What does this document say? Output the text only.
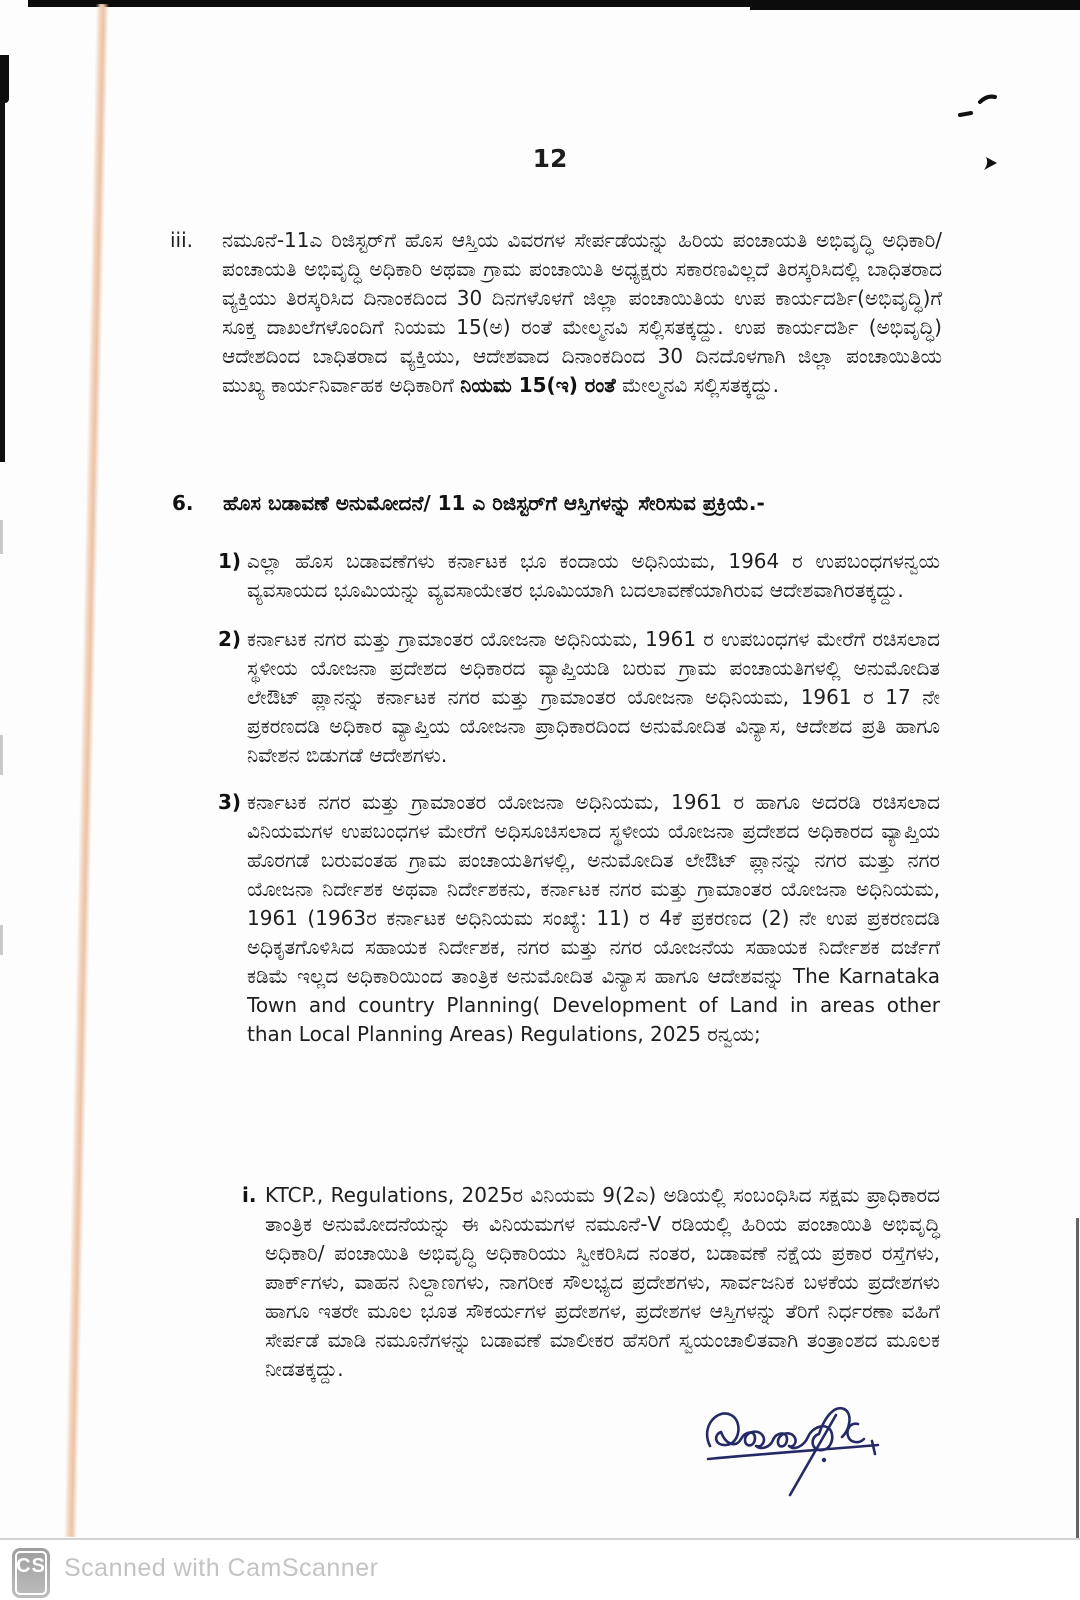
12
iii. ನಮೂನೆ-11ಎ ರಿಜಿಸ್ಟರ್‌ಗೆ ಹೊಸ ಆಸ್ತಿಯ ವಿವರಗಳ ಸೇರ್ಪಡೆಯನ್ನು ಹಿರಿಯ ಪಂಚಾಯತಿ ಅಭಿವೃದ್ಧಿ ಅಧಿಕಾರಿ/ ಪಂಚಾಯತಿ ಅಭಿವೃದ್ಧಿ ಅಧಿಕಾರಿ ಅಥವಾ ಗ್ರಾಮ ಪಂಚಾಯಿತಿ ಅಧ್ಯಕ್ಷರು ಸಕಾರಣವಿಲ್ಲದೆ ತಿರಸ್ಕರಿಸಿದಲ್ಲಿ ಬಾಧಿತರಾದ ವ್ಯಕ್ತಿಯು ತಿರಸ್ಕರಿಸಿದ ದಿನಾಂಕದಿಂದ 30 ದಿನಗಳೊಳಗೆ ಜಿಲ್ಲಾ ಪಂಚಾಯಿತಿಯ ಉಪ ಕಾರ್ಯದರ್ಶಿ(ಅಭಿವೃದ್ಧಿ)ಗೆ ಸೂಕ್ತ ದಾಖಲೆಗಳೊಂದಿಗೆ ನಿಯಮ 15(ಅ) ರಂತೆ ಮೇಲ್ಮನವಿ ಸಲ್ಲಿಸತಕ್ಕದ್ದು. ಉಪ ಕಾರ್ಯದರ್ಶಿ (ಅಭಿವೃದ್ಧಿ) ಆದೇಶದಿಂದ ಬಾಧಿತರಾದ ವ್ಯಕ್ತಿಯು, ಆದೇಶವಾದ ದಿನಾಂಕದಿಂದ 30 ದಿನದೊಳಗಾಗಿ ಜಿಲ್ಲಾ ಪಂಚಾಯಿತಿಯ ಮುಖ್ಯ ಕಾರ್ಯನಿರ್ವಾಹಕ ಅಧಿಕಾರಿಗೆ ನಿಯಮ 15(ಇ) ರಂತೆ ಮೇಲ್ಮನವಿ ಸಲ್ಲಿಸತಕ್ಕದ್ದು.
6. ಹೊಸ ಬಡಾವಣೆ ಅನುಮೋದನೆ/ 11 ಎ ರಿಜಿಸ್ಟರ್‌ಗೆ ಆಸ್ತಿಗಳನ್ನು ಸೇರಿಸುವ ಪ್ರಕ್ರಿಯೆ.-
1) ಎಲ್ಲಾ ಹೊಸ ಬಡಾವಣೆಗಳು ಕರ್ನಾಟಕ ಭೂ ಕಂದಾಯ ಅಧಿನಿಯಮ, 1964 ರ ಉಪಬಂಧಗಳನ್ವಯ ವ್ಯವಸಾಯದ ಭೂಮಿಯನ್ನು ವ್ಯವಸಾಯೇತರ ಭೂಮಿಯಾಗಿ ಬದಲಾವಣೆಯಾಗಿರುವ ಆದೇಶವಾಗಿರತಕ್ಕದ್ದು.
2) ಕರ್ನಾಟಕ ನಗರ ಮತ್ತು ಗ್ರಾಮಾಂತರ ಯೋಜನಾ ಅಧಿನಿಯಮ, 1961 ರ ಉಪಬಂಧಗಳ ಮೇರೆಗೆ ರಚಿಸಲಾದ ಸ್ಥಳೀಯ ಯೋಜನಾ ಪ್ರದೇಶದ ಅಧಿಕಾರದ ವ್ಯಾಪ್ತಿಯಡಿ ಬರುವ ಗ್ರಾಮ ಪಂಚಾಯತಿಗಳಲ್ಲಿ ಅನುಮೋದಿತ ಲೇಔಟ್ ಪ್ಲಾನನ್ನು ಕರ್ನಾಟಕ ನಗರ ಮತ್ತು ಗ್ರಾಮಾಂತರ ಯೋಜನಾ ಅಧಿನಿಯಮ, 1961 ರ 17 ನೇ ಪ್ರಕರಣದಡಿ ಅಧಿಕಾರ ವ್ಯಾಪ್ತಿಯ ಯೋಜನಾ ಪ್ರಾಧಿಕಾರದಿಂದ ಅನುಮೋದಿತ ವಿನ್ಯಾಸ, ಆದೇಶದ ಪ್ರತಿ ಹಾಗೂ ನಿವೇಶನ ಬಿಡುಗಡೆ ಆದೇಶಗಳು.
3) ಕರ್ನಾಟಕ ನಗರ ಮತ್ತು ಗ್ರಾಮಾಂತರ ಯೋಜನಾ ಅಧಿನಿಯಮ, 1961 ರ ಹಾಗೂ ಅದರಡಿ ರಚಿಸಲಾದ ವಿನಿಯಮಗಳ ಉಪಬಂಧಗಳ ಮೇರೆಗೆ ಅಧಿಸೂಚಿಸಲಾದ ಸ್ಥಳೀಯ ಯೋಜನಾ ಪ್ರದೇಶದ ಅಧಿಕಾರದ ವ್ಯಾಪ್ತಿಯ ಹೊರಗಡೆ ಬರುವಂತಹ ಗ್ರಾಮ ಪಂಚಾಯತಿಗಳಲ್ಲಿ, ಅನುಮೋದಿತ ಲೇಔಟ್ ಪ್ಲಾನನ್ನು ನಗರ ಮತ್ತು ನಗರ ಯೋಜನಾ ನಿರ್ದೇಶಕ ಅಥವಾ ನಿರ್ದೇಶಕನು, ಕರ್ನಾಟಕ ನಗರ ಮತ್ತು ಗ್ರಾಮಾಂತರ ಯೋಜನಾ ಅಧಿನಿಯಮ, 1961 (1963ರ ಕರ್ನಾಟಕ ಅಧಿನಿಯಮ ಸಂಖ್ಯೆ: 11) ರ 4ಕೆ ಪ್ರಕರಣದ (2) ನೇ ಉಪ ಪ್ರಕರಣದಡಿ ಅಧಿಕೃತಗೊಳಿಸಿದ ಸಹಾಯಕ ನಿರ್ದೇಶಕ, ನಗರ ಮತ್ತು ನಗರ ಯೋಜನೆಯ ಸಹಾಯಕ ನಿರ್ದೇಶಕ ದರ್ಜೆಗೆ ಕಡಿಮೆ ಇಲ್ಲದ ಅಧಿಕಾರಿಯಿಂದ ತಾಂತ್ರಿಕ ಅನುಮೋದಿತ ವಿನ್ಯಾಸ ಹಾಗೂ ಆದೇಶವನ್ನು The Karnataka Town and country Planning( Development of Land in areas other than Local Planning Areas) Regulations, 2025 ರನ್ವಯ;
i. KTCP., Regulations, 2025ರ ವಿನಿಯಮ 9(2ಎ) ಅಡಿಯಲ್ಲಿ ಸಂಬಂಧಿಸಿದ ಸಕ್ಷಮ ಪ್ರಾಧಿಕಾರದ ತಾಂತ್ರಿಕ ಅನುಮೋದನೆಯನ್ನು ಈ ವಿನಿಯಮಗಳ ನಮೂನೆ-V ರಡಿಯಲ್ಲಿ ಹಿರಿಯ ಪಂಚಾಯಿತಿ ಅಭಿವೃದ್ಧಿ ಅಧಿಕಾರಿ/ ಪಂಚಾಯಿತಿ ಅಭಿವೃದ್ಧಿ ಅಧಿಕಾರಿಯು ಸ್ವೀಕರಿಸಿದ ನಂತರ, ಬಡಾವಣೆ ನಕ್ಷೆಯ ಪ್ರಕಾರ ರಸ್ತೆಗಳು, ಪಾರ್ಕ್‌ಗಳು, ವಾಹನ ನಿಲ್ದಾಣಗಳು, ನಾಗರೀಕ ಸೌಲಭ್ಯದ ಪ್ರದೇಶಗಳು, ಸಾರ್ವಜನಿಕ ಬಳಕೆಯ ಪ್ರದೇಶಗಳು ಹಾಗೂ ಇತರೇ ಮೂಲ ಭೂತ ಸೌಕರ್ಯಗಳ ಪ್ರದೇಶಗಳ, ಪ್ರದೇಶಗಳ ಆಸ್ತಿಗಳನ್ನು ತೆರಿಗೆ ನಿರ್ಧರಣಾ ವಹಿಗೆ ಸೇರ್ಪಡೆ ಮಾಡಿ ನಮೂನೆಗಳನ್ನು ಬಡಾವಣೆ ಮಾಲೀಕರ ಹೆಸರಿಗೆ ಸ್ವಯಂಚಾಲಿತವಾಗಿ ತಂತ್ರಾಂಶದ ಮೂಲಕ ನೀಡತಕ್ಕದ್ದು.
CS Scanned with CamScanner
